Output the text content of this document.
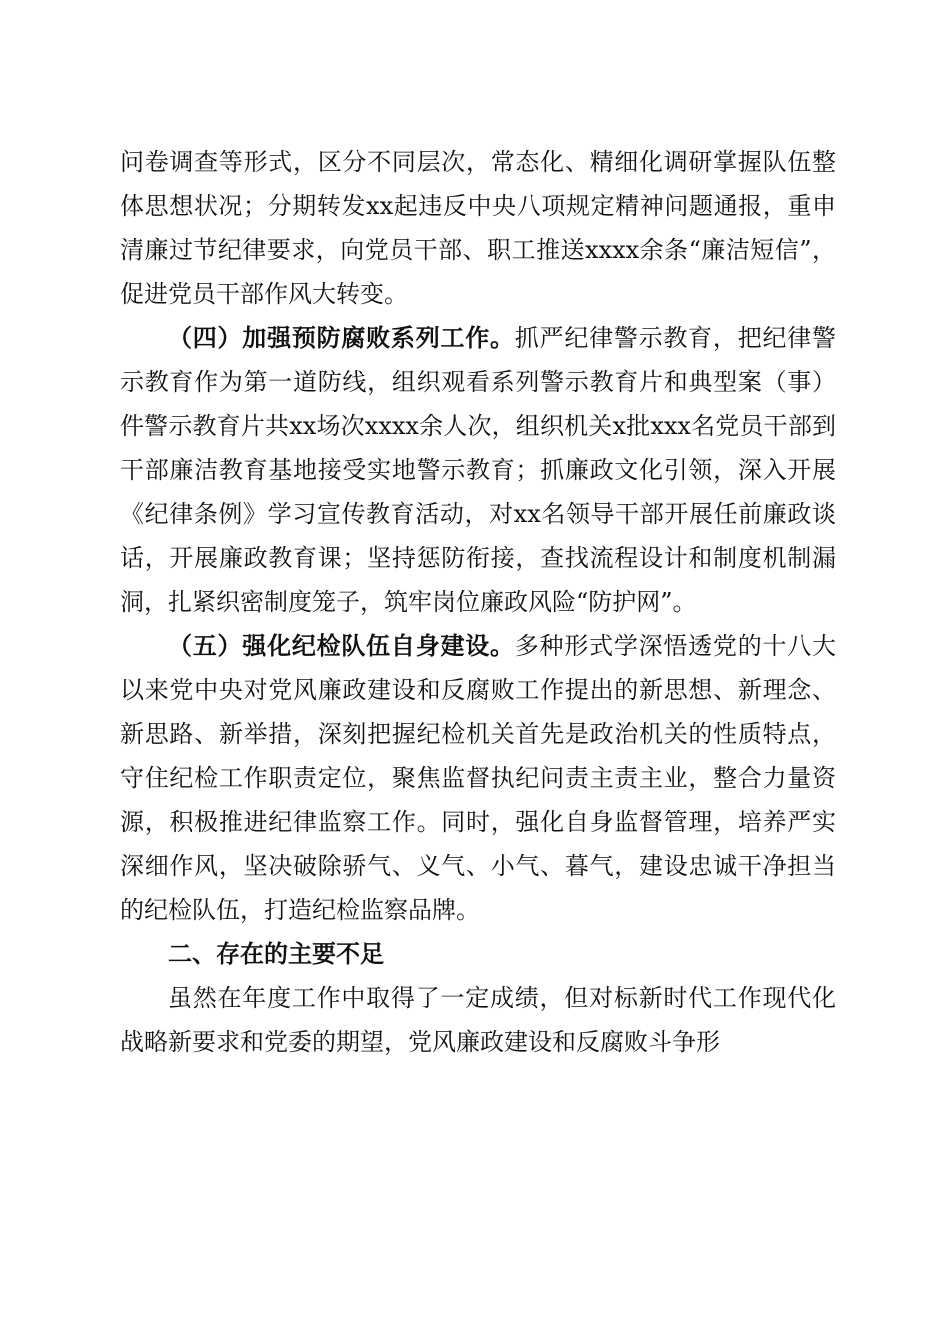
问卷调查等形式，区分不同层次，常态化、精细化调研掌握队伍整体思想状况；分期转发xx起违反中央八项规定精神问题通报，重申清廉过节纪律要求，向党员干部、职工推送xxxx余条“廉洁短信”，促进党员干部作风大转变。

（四）加强预防腐败系列工作。抓严纪律警示教育，把纪律警示教育作为第一道防线，组织观看系列警示教育片和典型案（事）件警示教育片共xx场次xxxx余人次，组织机关x批xxx名党员干部到干部廉洁教育基地接受实地警示教育；抓廉政文化引领，深入开展《纪律条例》学习宣传教育活动，对xx名领导干部开展任前廉政谈话，开展廉政教育课；坚持惩防衔接，查找流程设计和制度机制漏洞，扎紧织密制度笼子，筑牢岗位廉政风险“防护网”。

（五）强化纪检队伍自身建设。多种形式学深悟透党的十八大以来党中央对党风廉政建设和反腐败工作提出的新思想、新理念、新思路、新举措，深刻把握纪检机关首先是政治机关的性质特点，守住纪检工作职责定位，聚焦监督执纪问责主责主业，整合力量资源，积极推进纪律监察工作。同时，强化自身监督管理，培养严实深细作风，坚决破除骄气、义气、小气、暮气，建设忠诚干净担当的纪检队伍，打造纪检监察品牌。

二、存在的主要不足

虽然在年度工作中取得了一定成绩，但对标新时代工作现代化战略新要求和党委的期望，党风廉政建设和反腐败斗争形
